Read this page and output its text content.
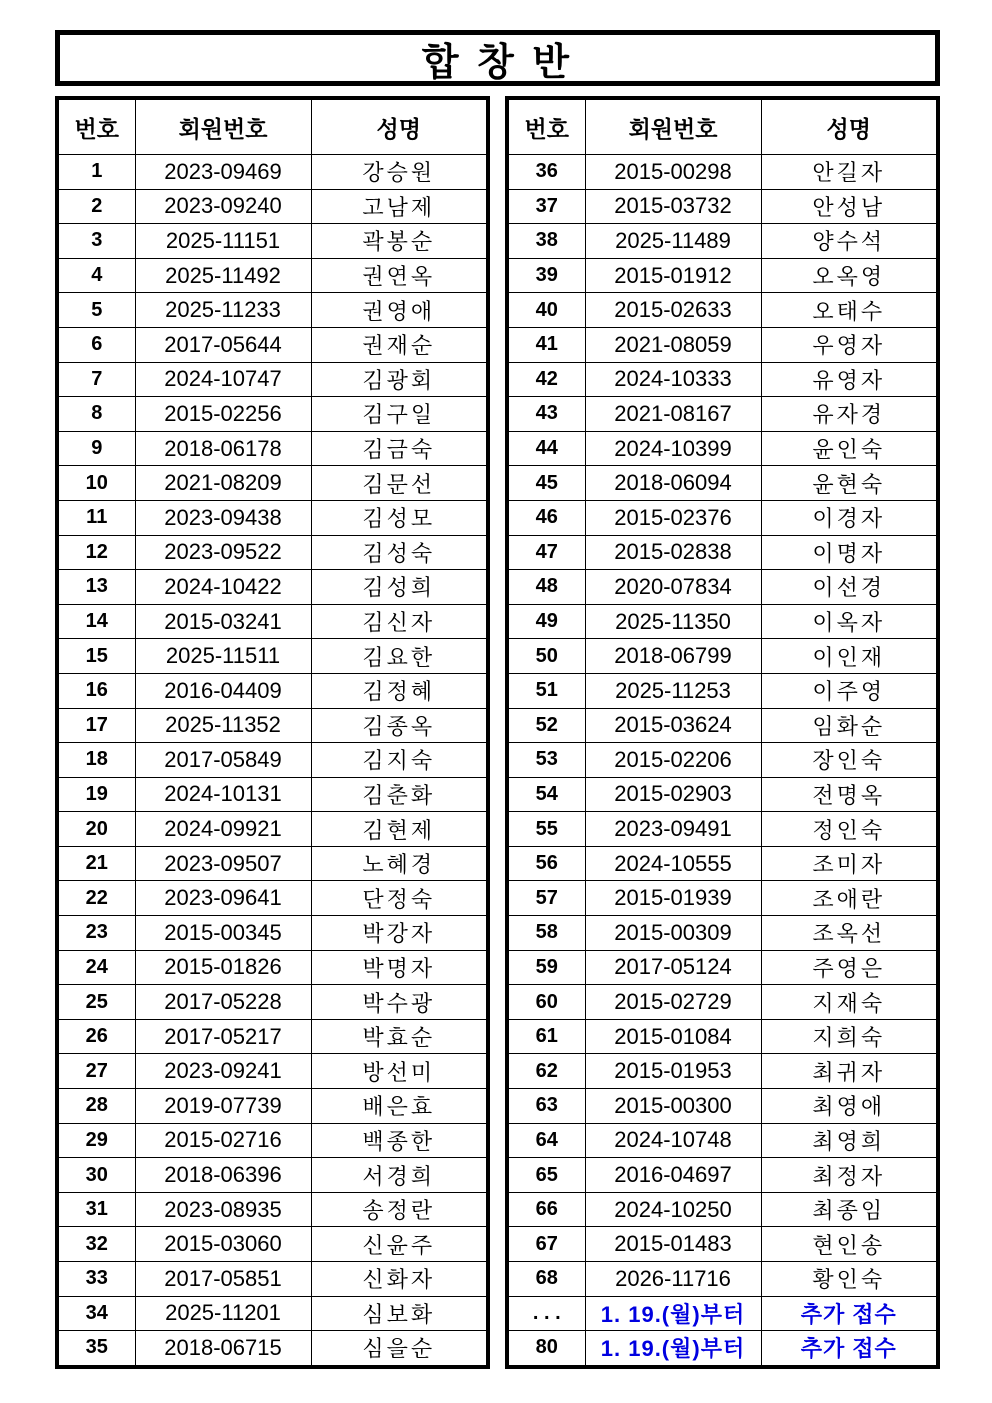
합 창 반
번호	회원번호	성명
1	2023-09469	강승원
2	2023-09240	고남제
3	2025-11151	곽봉순
4	2025-11492	권연옥
5	2025-11233	권영애
6	2017-05644	권재순
7	2024-10747	김광회
8	2015-02256	김구일
9	2018-06178	김금숙
10	2021-08209	김문선
11	2023-09438	김성모
12	2023-09522	김성숙
13	2024-10422	김성희
14	2015-03241	김신자
15	2025-11511	김요한
16	2016-04409	김정혜
17	2025-11352	김종옥
18	2017-05849	김지숙
19	2024-10131	김춘화
20	2024-09921	김현제
21	2023-09507	노혜경
22	2023-09641	단정숙
23	2015-00345	박강자
24	2015-01826	박명자
25	2017-05228	박수광
26	2017-05217	박효순
27	2023-09241	방선미
28	2019-07739	배은효
29	2015-02716	백종한
30	2018-06396	서경희
31	2023-08935	송정란
32	2015-03060	신윤주
33	2017-05851	신화자
34	2025-11201	심보화
35	2018-06715	심을순
번호	회원번호	성명
36	2015-00298	안길자
37	2015-03732	안성남
38	2025-11489	양수석
39	2015-01912	오옥영
40	2015-02633	오태수
41	2021-08059	우영자
42	2024-10333	유영자
43	2021-08167	유자경
44	2024-10399	윤인숙
45	2018-06094	윤현숙
46	2015-02376	이경자
47	2015-02838	이명자
48	2020-07834	이선경
49	2025-11350	이옥자
50	2018-06799	이인재
51	2025-11253	이주영
52	2015-03624	임화순
53	2015-02206	장인숙
54	2015-02903	전명옥
55	2023-09491	정인숙
56	2024-10555	조미자
57	2015-01939	조애란
58	2015-00309	조옥선
59	2017-05124	주영은
60	2015-02729	지재숙
61	2015-01084	지희숙
62	2015-01953	최귀자
63	2015-00300	최영애
64	2024-10748	최영희
65	2016-04697	최정자
66	2024-10250	최종임
67	2015-01483	현인송
68	2026-11716	황인숙
. . .	1. 19.(월)부터	추가 접수
80	1. 19.(월)부터	추가 접수
